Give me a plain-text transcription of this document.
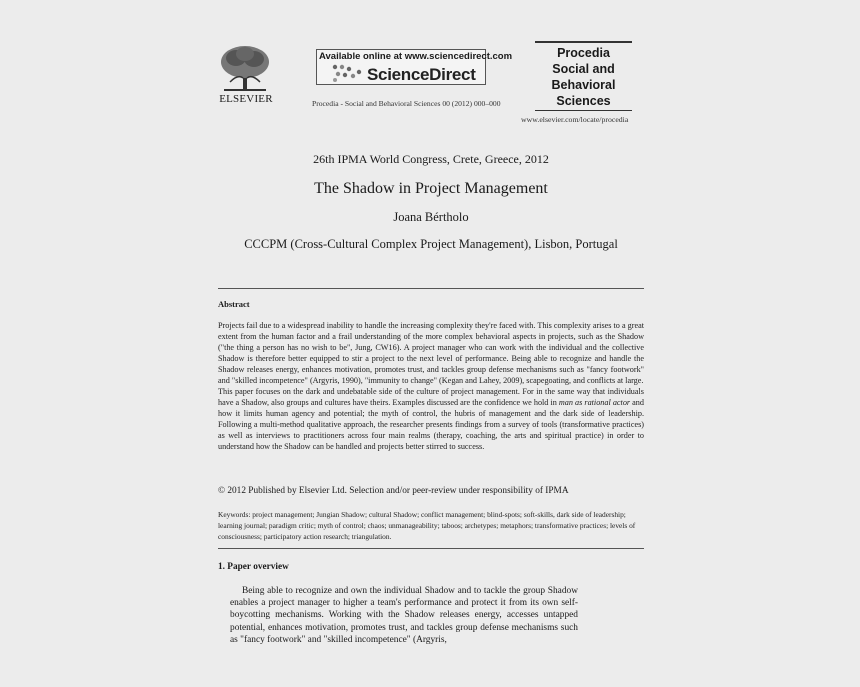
ELSEVIER
Available online at www.sciencedirect.com
ScienceDirect
Procedia - Social and Behavioral Sciences 00 (2012) 000–000
Procedia
Social and
Behavioral
Sciences
www.elsevier.com/locate/procedia
26th IPMA World Congress, Crete, Greece, 2012
The Shadow in Project Management
Joana Bértholo
CCCPM (Cross-Cultural Complex Project Management), Lisbon, Portugal
Abstract

Projects fail due to a widespread inability to handle the increasing complexity they're faced with. This complexity arises to a great extent from the human factor and a frail understanding of the more complex behavioral aspects in projects, such as the Shadow ("the thing a person has no wish to be", Jung, CW16). A project manager who can work with the individual and the collective Shadow is therefore better equipped to stir a project to the next level of performance. Being able to recognize and handle the Shadow releases energy, enhances motivation, promotes trust, and tackles group defense mechanisms such as "fancy footwork" and "skilled incompetence" (Argyris, 1990), "immunity to change" (Kegan and Lahey, 2009), scapegoating, and conflicts at large.

This paper focuses on the dark and undebatable side of the culture of project management. For in the same way that individuals have a Shadow, also groups and cultures have theirs. Examples discussed are the confidence we hold in man as rational actor and how it limits human agency and potential; the myth of control, the hubris of management and the dark side of leadership. Following a multi-method qualitative approach, the researcher presents findings from a survey of tools (transformative practices) as well as interviews to practitioners across four main realms (therapy, coaching, the arts and spiritual practice) in order to understand how the Shadow can be handled and projects better stirred to success.

© 2012 Published by Elsevier Ltd. Selection and/or peer-review under responsibility of IPMA
Keywords: project management; Jungian Shadow; cultural Shadow; conflict management; blind-spots; soft-skills, dark side of leadership; learning journal; paradigm critic; myth of control; chaos; unmanageability; taboos; archetypes; metaphors; transformative practices; levels of consciousness; participatory action research; triangulation.
1. Paper overview

Being able to recognize and own the individual Shadow and to tackle the group Shadow enables a project manager to higher a team's performance and protect it from its own self-boycotting mechanisms. Working with the Shadow releases energy, accesses untapped potential, enhances motivation, promotes trust, and tackles group defense mechanisms such as "fancy footwork" and "skilled incompetence" (Argyris,
